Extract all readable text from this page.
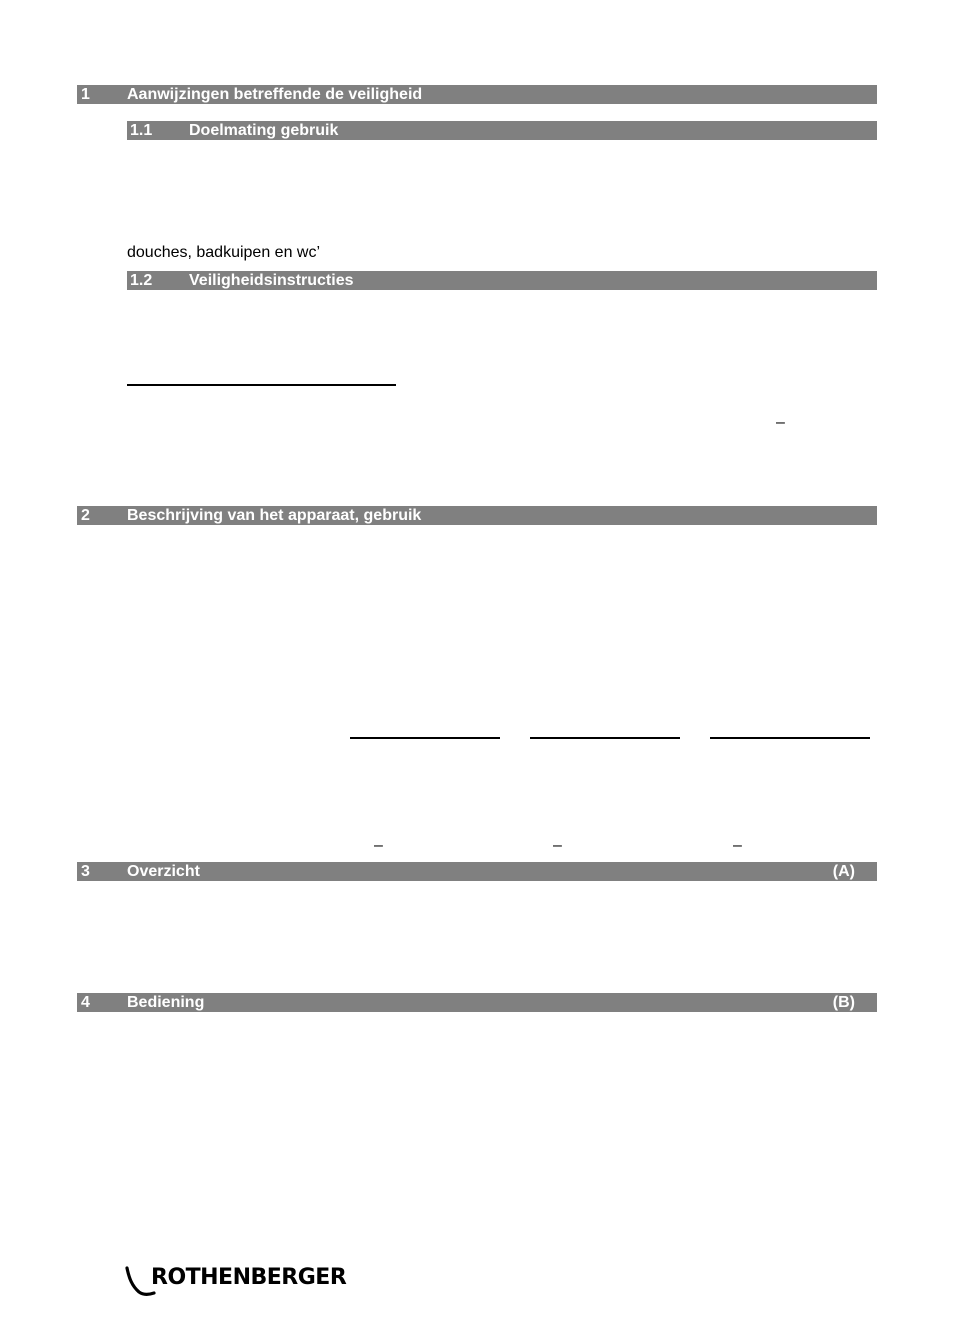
1 Aanwijzingen betreffende de veiligheid
1.1 Doelmating gebruik
douches, badkuipen en wc’
1.2 Veiligheidsinstructies
–
2 Beschrijving van het apparaat, gebruik
–	–	–
3 Overzicht	(A)
4 Bediening	(B)
ROTHENBERGER
